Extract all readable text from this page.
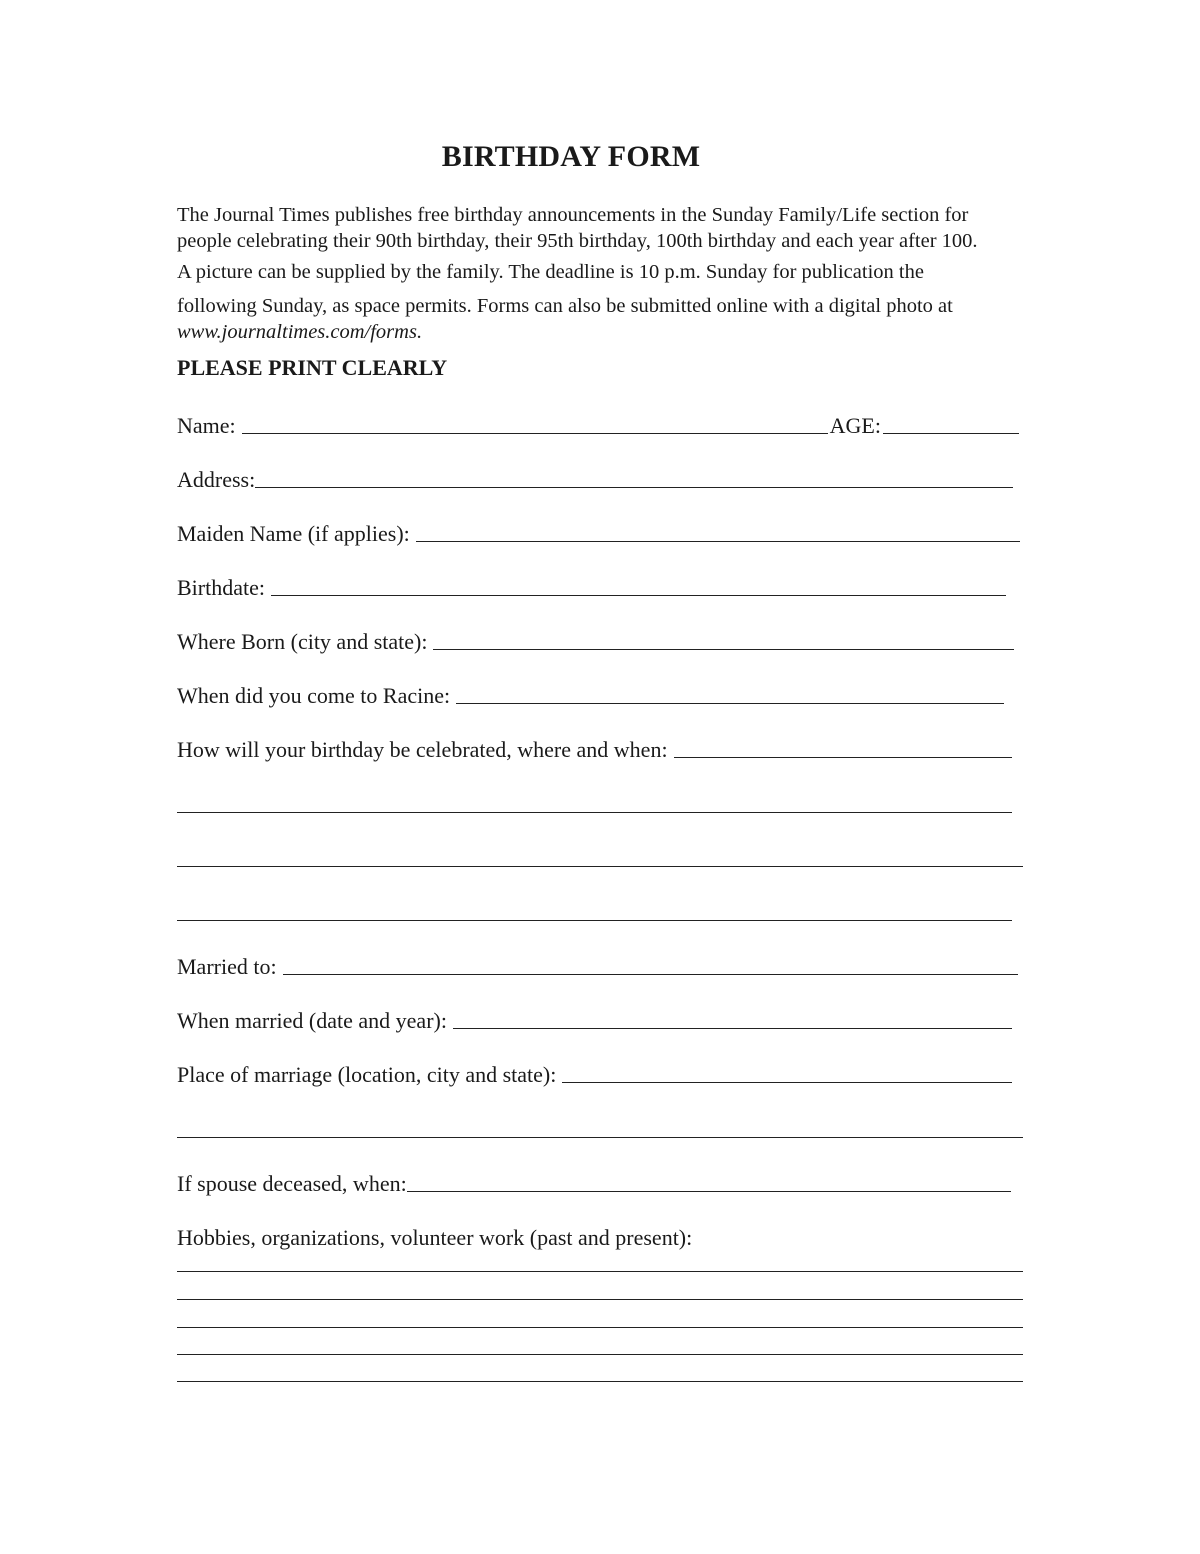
BIRTHDAY FORM
The Journal Times publishes free birthday announcements in the Sunday Family/Life section for
people celebrating their 90th birthday, their 95th birthday, 100th birthday and each year after 100.
A picture can be supplied by the family. The deadline is 10 p.m. Sunday for publication the
following Sunday, as space permits. Forms can also be submitted online with a digital photo at
www.journaltimes.com/forms.
PLEASE PRINT CLEARLY
Name:	AGE:
Address:
Maiden Name (if applies):
Birthdate:
Where Born (city and state):
When did you come to Racine:
How will your birthday be celebrated, where and when:
Married to:
When married (date and year):
Place of marriage (location, city and state):
If spouse deceased, when:
Hobbies, organizations, volunteer work (past and present):
